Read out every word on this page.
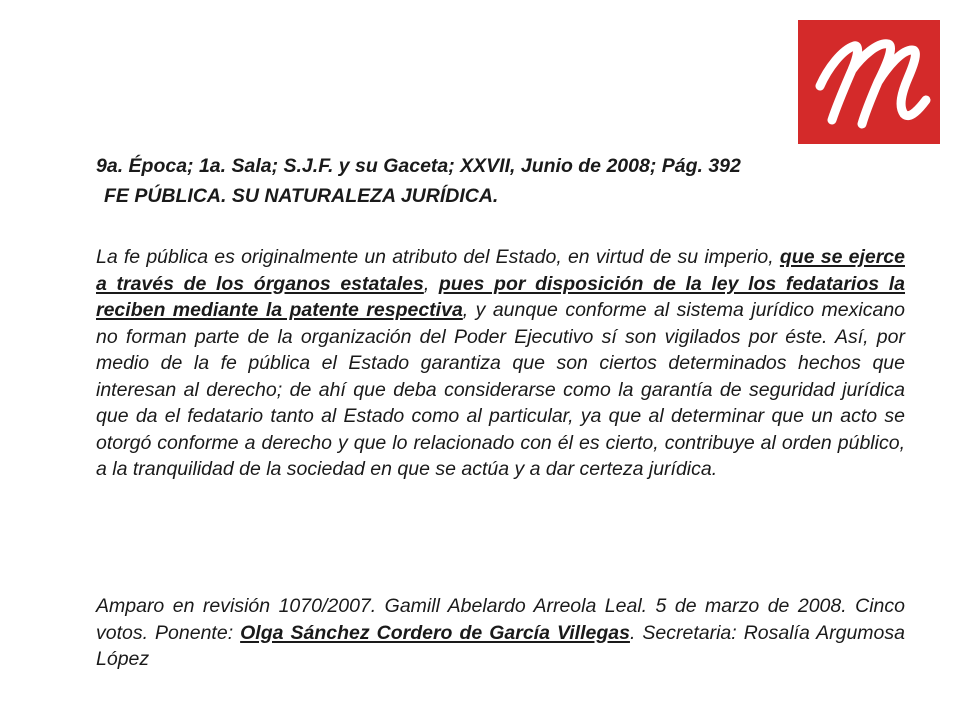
9a. Época; 1a. Sala; S.J.F. y su Gaceta; XXVII, Junio de 2008; Pág. 392

FE PÚBLICA. SU NATURALEZA JURÍDICA.

La fe pública es originalmente un atributo del Estado, en virtud de su imperio, que se ejerce a través de los órganos estatales, pues por disposición de la ley los fedatarios la reciben mediante la patente respectiva, y aunque conforme al sistema jurídico mexicano no forman parte de la organización del Poder Ejecutivo sí son vigilados por éste. Así, por medio de la fe pública el Estado garantiza que son ciertos determinados hechos que interesan al derecho; de ahí que deba considerarse como la garantía de seguridad jurídica que da el fedatario tanto al Estado como al particular, ya que al determinar que un acto se otorgó conforme a derecho y que lo relacionado con él es cierto, contribuye al orden público, a la tranquilidad de la sociedad en que se actúa y a dar certeza jurídica.

Amparo en revisión 1070/2007. Gamill Abelardo Arreola Leal. 5 de marzo de 2008. Cinco votos. Ponente: Olga Sánchez Cordero de García Villegas. Secretaria: Rosalía Argumosa López
